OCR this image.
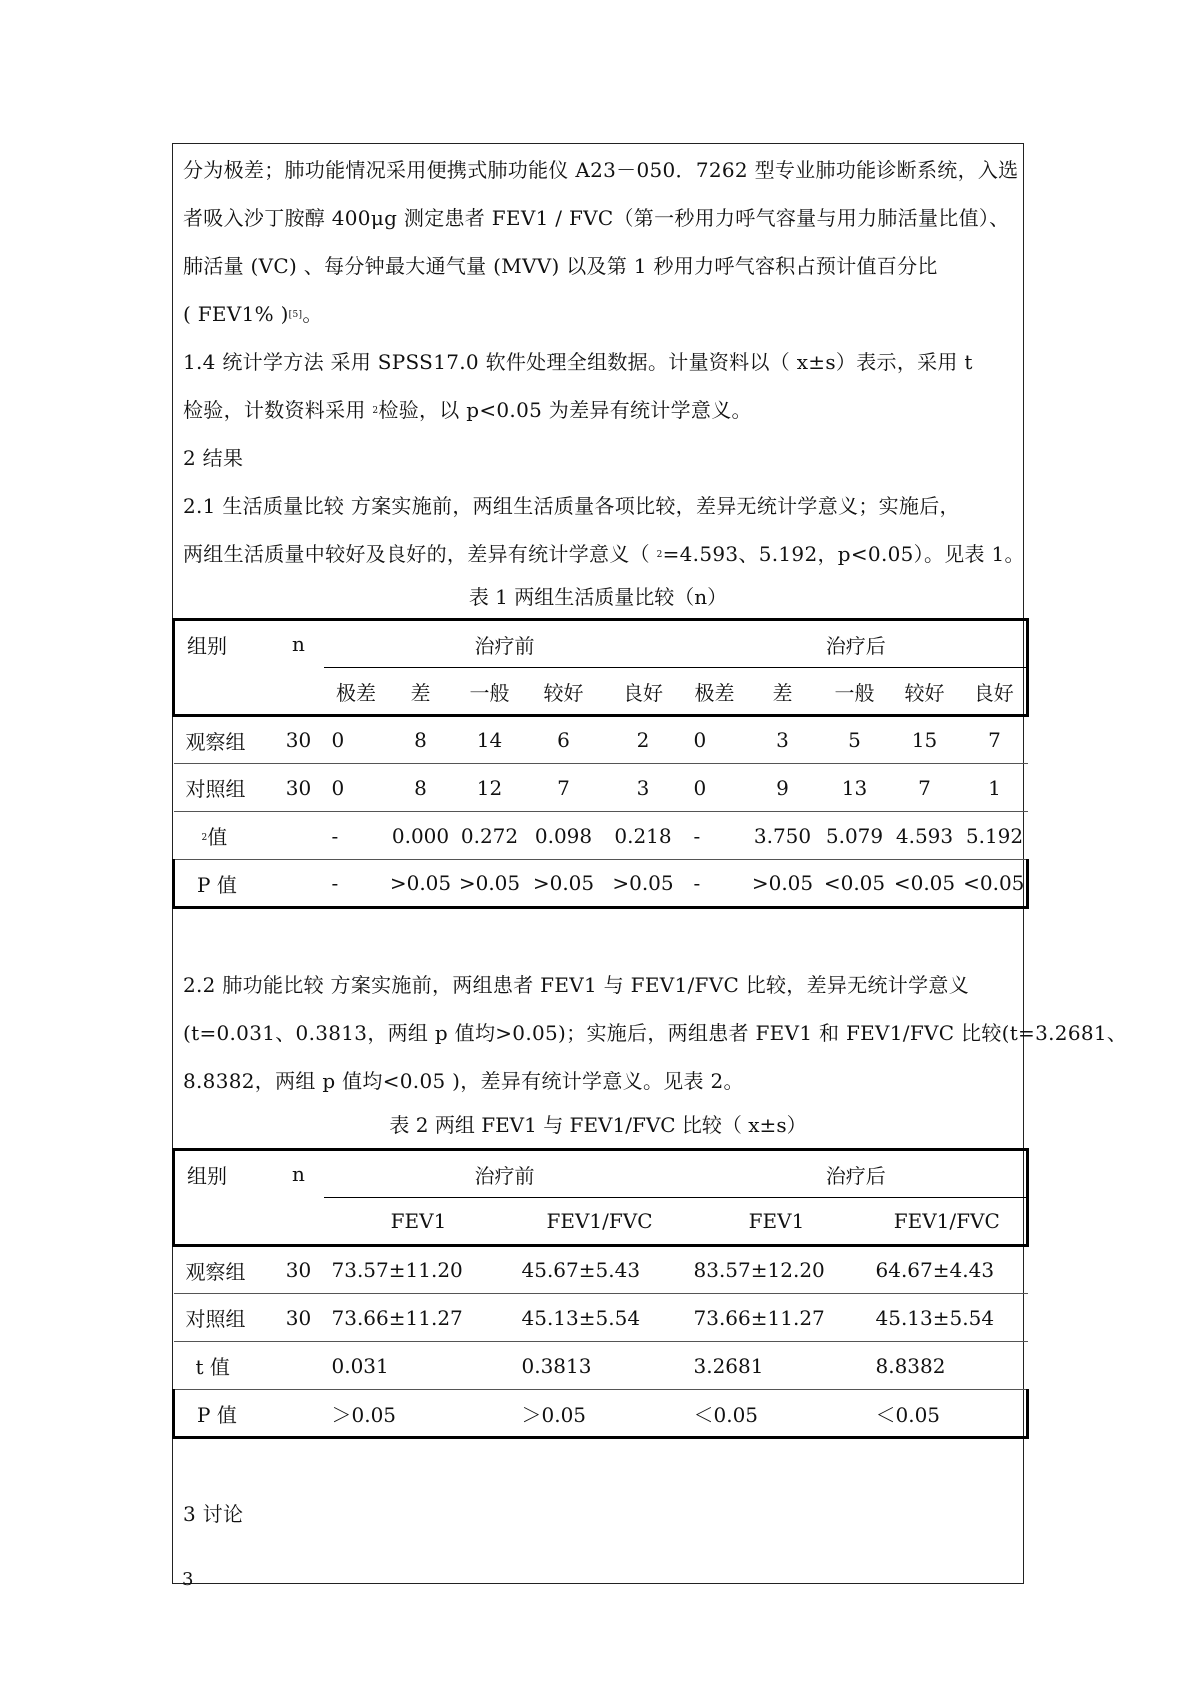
分为极差；肺功能情况采用便携式肺功能仪 A23－050．7262 型专业肺功能诊断系统，入选
者吸入沙丁胺醇 400μg 测定患者 FEV1 / FVC（第一秒用力呼气容量与用力肺活量比值）、
肺活量 (VC) 、每分钟最大通气量 (MVV) 以及第 1 秒用力呼气容积占预计值百分比
( FEV1% )[5]。
1.4 统计学方法 采用 SPSS17.0 软件处理全组数据。计量资料以（ x±s）表示，采用 t
检验，计数资料采用 $^2$检验，以 p<0.05 为差异有统计学意义。
2 结果
2.1 生活质量比较 方案实施前，两组生活质量各项比较，差异无统计学意义；实施后，
两组生活质量中较好及良好的，差异有统计学意义（ $^2$=4.593、5.192，p<0.05）。见表 1。
表 1 两组生活质量比较（n）
组别	n	治疗前					治疗后				
		极差	差	一般	较好	良好	极差	差	一般	较好	良好
观察组	30	0	8	14	6	2	0	3	5	15	7
对照组	30	0	8	12	7	3	0	9	13	7	1
$^2$值		-	0.000	0.272	0.098	0.218	-	3.750	5.079	4.593	5.192
P 值		-	>0.05	>0.05	>0.05	>0.05	-	>0.05	<0.05	<0.05	<0.05
2.2 肺功能比较 方案实施前，两组患者 FEV1 与 FEV1/FVC 比较，差异无统计学意义
(t=0.031、0.3813，两组 p 值均>0.05)；实施后，两组患者 FEV1 和 FEV1/FVC 比较(t=3.2681、
8.8382，两组 p 值均<0.05 )，差异有统计学意义。见表 2。
表 2 两组 FEV1 与 FEV1/FVC 比较（ x±s）
组别	n	治疗前		治疗后	
		FEV1	FEV1/FVC	FEV1	FEV1/FVC
观察组	30	73.57±11.20	45.67±5.43	83.57±12.20	64.67±4.43
对照组	30	73.66±11.27	45.13±5.54	73.66±11.27	45.13±5.54
t 值		0.031	0.3813	3.2681	8.8382
P 值		＞0.05	＞0.05	＜0.05	＜0.05
3 讨论
3
